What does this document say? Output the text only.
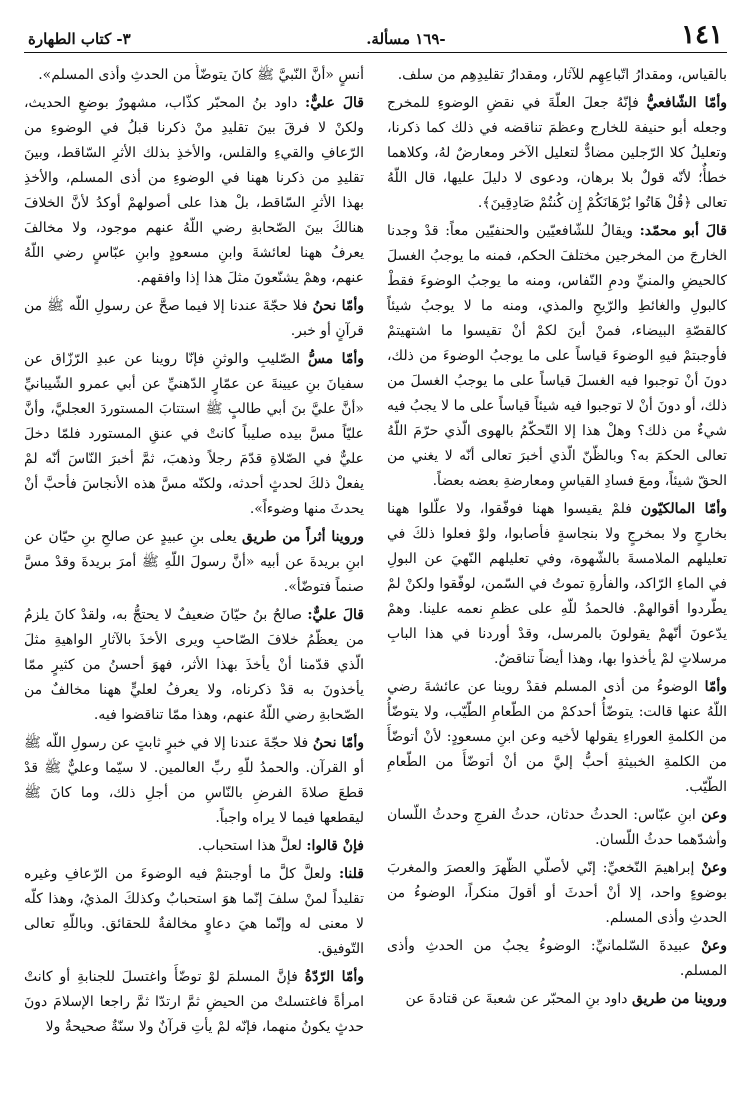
١٤١
-١٦٩ مسألة.
٣- كتاب الطهارة

بالقياس، ومقدارُ اتّباعِهِم للآثار، ومقدارُ تقليدِهِم من سلف.

وأمّا الشّافعيُّ فإنّهُ جعلَ العلّةَ في نقضِ الوضوءِ للمخرج وجعله أبو حنيفة للخارج وعظمَ تناقضه في ذلك كما ذكرنا، وتعليلُ كلا الرّجلين مضادٌّ لتعليل الآخر ومعارضٌ لهُ، وكلاهما خطأٌ؛ لأنّه قولٌ بلا برهان، ودعوى لا دليلَ عليها، قال اللّهُ تعالى ﴿قُلْ هَاتُوا بُرْهَانَكُمْ إِن كُنتُمْ صَادِقِينَ﴾.

قالَ أبو محمّد: ويقالُ للشّافعيّين والحنفيّين معاً: قدْ وجدنا الخارجَ من المخرجين مختلفَ الحكم، فمنه ما يوجبُ الغسلَ كالحيضِ والمنيِّ ودمِ النّفاس، ومنه ما يوجبُ الوضوءَ فقطْ كالبولِ والغائطِ والرّيحِ والمذي، ومنه ما لا يوجبُ شيئاً كالقصّةِ البيضاء، فمنْ أينَ لكمْ أنْ تقيسوا ما اشتهيتمْ فأوجبتمْ فيهِ الوضوءَ قياساً على ما يوجبُ الوضوءَ من ذلك، دونَ أنْ توجبوا فيه الغسلَ قياساً على ما يوجبُ الغسلَ من ذلك، أو دونَ أنْ لا توجبوا فيه شيئاً قياساً على ما لا يجبُ فيه شيءٌ من ذلك؟ وهلْ هذا إلا التّحكّمُ بالهوى الّذي حرّمَ اللّهُ تعالى الحكمَ به؟ وبالظّنّ الّذي أخبرَ تعالى أنّه لا يغني من الحقّ شيئاً، ومعَ فسادِ القياسِ ومعارضةِ بعضه بعضاً.

وأمّا المالكيّون فلمْ يقيسوا ههنا فوفّقوا، ولا علّلوا ههنا بخارجٍ ولا بمخرجٍ ولا بنجاسةٍ فأصابوا، ولوْ فعلوا ذلكَ في تعليلهم الملامسةَ بالشّهوة، وفي تعليلهم النّهيَ عن البولِ في الماءِ الرّاكد، والفأرةِ تموتُ في السّمن، لوفّقوا ولكنْ لمْ يطّردوا أقوالهمْ. فالحمدُ للّهِ على عظمِ نعمه علينا. وهمْ يدّعونَ أنّهمْ يقولونَ بالمرسل، وقدْ أوردنا في هذا البابِ مرسلاتٍ لمْ يأخذوا بها، وهذا أيضاً تناقضٌ.

وأمّا الوضوءُ من أذى المسلم فقدْ روينا عن عائشةَ رضي اللّهُ عنها قالت: يتوضّأُ أحدكمْ من الطّعامِ الطّيّب، ولا يتوضّأُ من الكلمةِ العوراءِ يقولها لأخيه وعن ابنِ مسعودٍ: لأنْ أتوضّأَ من الكلمةِ الخبيثةِ أحبُّ إليَّ من أنْ أتوضّأَ من الطّعامِ الطّيّب.

وعن ابنِ عبّاس: الحدثُ حدثان، حدثُ الفرجِ وحدثُ اللّسان وأشدّهما حدثُ اللّسان.

وعنْ إبراهيمَ النّخعيِّ: إنّي لأصلّي الظّهرَ والعصرَ والمغربَ بوضوءٍ واحد، إلا أنْ أحدثَ أو أقولَ منكراً، الوضوءُ من الحدثِ وأذى المسلم.

وعنْ عبيدةَ السّلمانيِّ: الوضوءُ يجبُ من الحدثِ وأذى المسلم.

وروينا من طريق داود بنِ المحبّر عن شعبةَ عن قتادةَ عن

أنسٍ «أنَّ النّبيَّ ﷺ كانَ يتوضّأُ من الحدثِ وأذى المسلم».

قالَ عليٌّ: داود بنُ المحبّر كذّاب، مشهورٌ بوضعِ الحديث، ولكنْ لا فرقَ بينَ تقليدِ منْ ذكرنا قبلُ في الوضوءِ من الرّعافِ والقيءِ والقلس، والأخذِ بذلك الأثرِ السّاقط، وبينَ تقليدِ من ذكرنا ههنا في الوضوءِ من أذى المسلم، والأخذِ بهذا الأثرِ السّاقط، بلْ هذا على أصولهمْ أوكدُ لأنَّ الخلافَ هنالكَ بينَ الصّحابةِ رضي اللّهُ عنهم موجود، ولا مخالفَ يعرفُ ههنا لعائشةَ وابنِ مسعودٍ وابنِ عبّاسٍ رضي اللّهُ عنهم، وهمْ يشنّعونَ مثلَ هذا إذا وافقهم.

وأمّا نحنُ فلا حجّةَ عندنا إلا فيما صحَّ عن رسولِ اللّه ﷺ من قرآنٍ أو خبر.

وأمّا مسُّ الصّليبِ والوثنِ فإنّا روينا عن عبدِ الرّزّاق عن سفيانَ بنِ عيينةَ عن عمّارٍ الدّهنيِّ عن أبي عمرو الشّيبانيِّ «أنَّ عليَّ بنَ أبي طالبٍ ﷺ استتابَ المستوردَ العجليَّ، وأنَّ عليّاً مسَّ بيده صليباً كانتْ في عنقِ المستورد فلمّا دخلَ عليٌّ في الصّلاةِ قدّمَ رجلاً وذهبَ، ثمَّ أخبرَ النّاسَ أنّه لمْ يفعلْ ذلكَ لحدثٍ أحدثه، ولكنّه مسَّ هذه الأنجاسَ فأحبَّ أنْ يحدثَ منها وضوءاً».

وروينا أثراً من طريق يعلى بنِ عبيدٍ عن صالحِ بنِ حيّان عن ابنِ بريدةَ عن أبيه «أنَّ رسولَ اللّهِ ﷺ أمرَ بريدةَ وقدْ مسَّ صنماً فتوضّأ».

قالَ عليٌّ: صالحُ بنُ حيّانَ ضعيفٌ لا يحتجُّ به، ولقدْ كانَ يلزمُ من يعظّمُ خلافَ الصّاحبِ ويرى الأخذَ بالآثارِ الواهيةِ مثلَ الّذي قدّمنا أنْ يأخذَ بهذا الأثر، فهوَ أحسنُ من كثيرٍ ممّا يأخذونَ به قدْ ذكرناه، ولا يعرفُ لعليٍّ ههنا مخالفٌ من الصّحابةِ رضي اللّهُ عنهم، وهذا ممّا تناقضوا فيه.

وأمّا نحنُ فلا حجّةَ عندنا إلا في خبرٍ ثابتٍ عن رسولِ اللّه ﷺ أو القرآن. والحمدُ للّهِ ربِّ العالمين. لا سيّما وعليٌّ ﷺ قدْ قطعَ صلاةَ الفرضِ بالنّاسِ من أجلِ ذلك، وما كانَ ﷺ ليقطعها فيما لا يراه واجباً.

فإنْ قالوا: لعلَّ هذا استحباب.

قلنا: ولعلَّ كلَّ ما أوجبتمْ فيه الوضوءَ من الرّعافِ وغيره تقليداً لمنْ سلفَ إنّما هوَ استحبابٌ وكذلكَ المذيُ، وهذا كلّه لا معنى له وإنّما هيَ دعاوٍ مخالفةٌ للحقائق. وباللّهِ تعالى التّوفيق.

وأمّا الرّدّةُ فإنَّ المسلمَ لوْ توضّأَ واغتسلَ للجنابةِ أو كانتْ امرأةً فاغتسلتْ من الحيضِ ثمَّ ارتدّا ثمَّ راجعا الإسلامَ دونَ حدثٍ يكونُ منهما، فإنّه لمْ يأتِ قرآنٌ ولا سنّةٌ صحيحةٌ ولا
